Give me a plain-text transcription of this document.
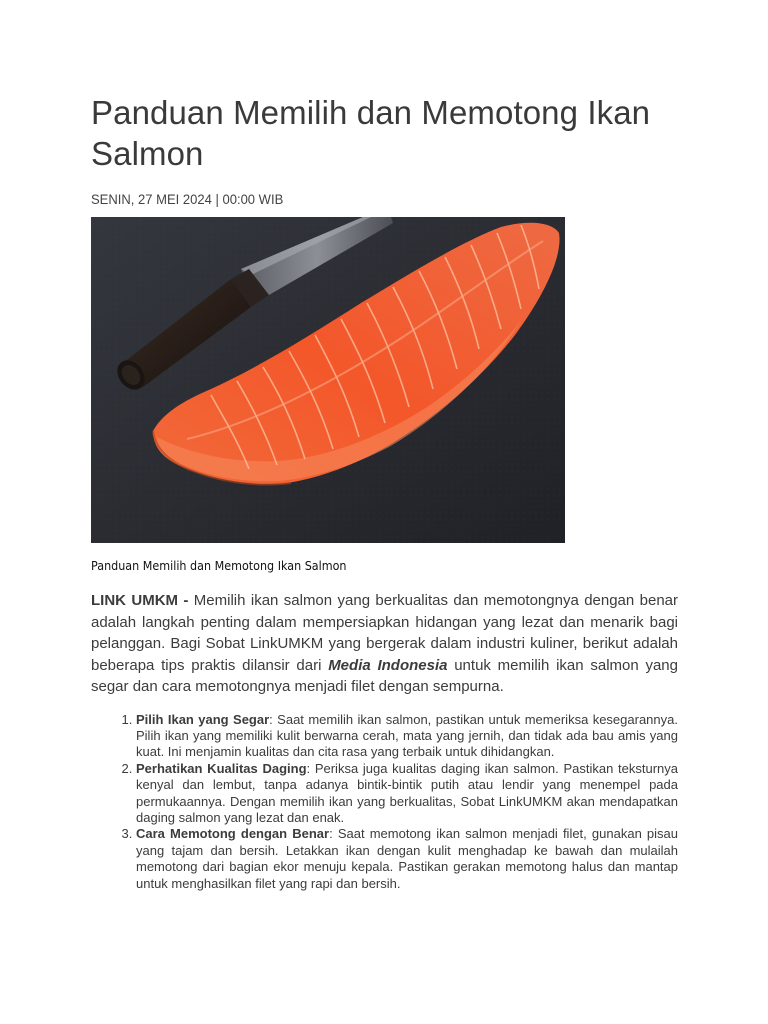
Panduan Memilih dan Memotong Ikan Salmon
SENIN, 27 MEI 2024 | 00:00 WIB
Panduan Memilih dan Memotong Ikan Salmon

LINK UMKM - Memilih ikan salmon yang berkualitas dan memotongnya dengan benar adalah langkah penting dalam mempersiapkan hidangan yang lezat dan menarik bagi pelanggan. Bagi Sobat LinkUMKM yang bergerak dalam industri kuliner, berikut adalah beberapa tips praktis dilansir dari Media Indonesia untuk memilih ikan salmon yang segar dan cara memotongnya menjadi filet dengan sempurna.

1. Pilih Ikan yang Segar: Saat memilih ikan salmon, pastikan untuk memeriksa kesegarannya. Pilih ikan yang memiliki kulit berwarna cerah, mata yang jernih, dan tidak ada bau amis yang kuat. Ini menjamin kualitas dan cita rasa yang terbaik untuk dihidangkan.
2. Perhatikan Kualitas Daging: Periksa juga kualitas daging ikan salmon. Pastikan teksturnya kenyal dan lembut, tanpa adanya bintik-bintik putih atau lendir yang menempel pada permukaannya. Dengan memilih ikan yang berkualitas, Sobat LinkUMKM akan mendapatkan daging salmon yang lezat dan enak.
3. Cara Memotong dengan Benar: Saat memotong ikan salmon menjadi filet, gunakan pisau yang tajam dan bersih. Letakkan ikan dengan kulit menghadap ke bawah dan mulailah memotong dari bagian ekor menuju kepala. Pastikan gerakan memotong halus dan mantap untuk menghasilkan filet yang rapi dan bersih.
